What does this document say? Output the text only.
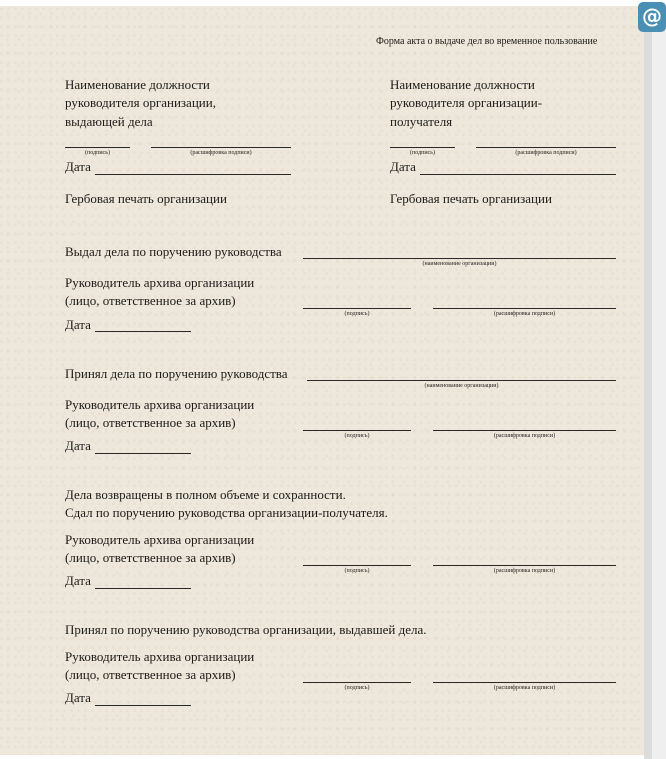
@
Форма акта о выдаче дел во временное пользование
Наименование должности
руководителя организации,
выдающей дела
(подпись)	(расшифровка подписи)
Дата
Гербовая печать организации
Наименование должности
руководителя организации-
получателя
(подпись)	(расшифровка подписи)
Дата
Гербовая печать организации
Выдал дела по поручению руководства
(наименование организации)
Руководитель архива организации
(лицо, ответственное за архив)
(подпись)	(расшифровка подписи)
Дата
Принял дела по поручению руководства
(наименование организации)
Руководитель архива организации
(лицо, ответственное за архив)
(подпись)	(расшифровка подписи)
Дата
Дела возвращены в полном объеме и сохранности.
Сдал по поручению руководства организации-получателя.
Руководитель архива организации
(лицо, ответственное за архив)
(подпись)	(расшифровка подписи)
Дата
Принял по поручению руководства организации, выдавшей дела.
Руководитель архива организации
(лицо, ответственное за архив)
(подпись)	(расшифровка подписи)
Дата
